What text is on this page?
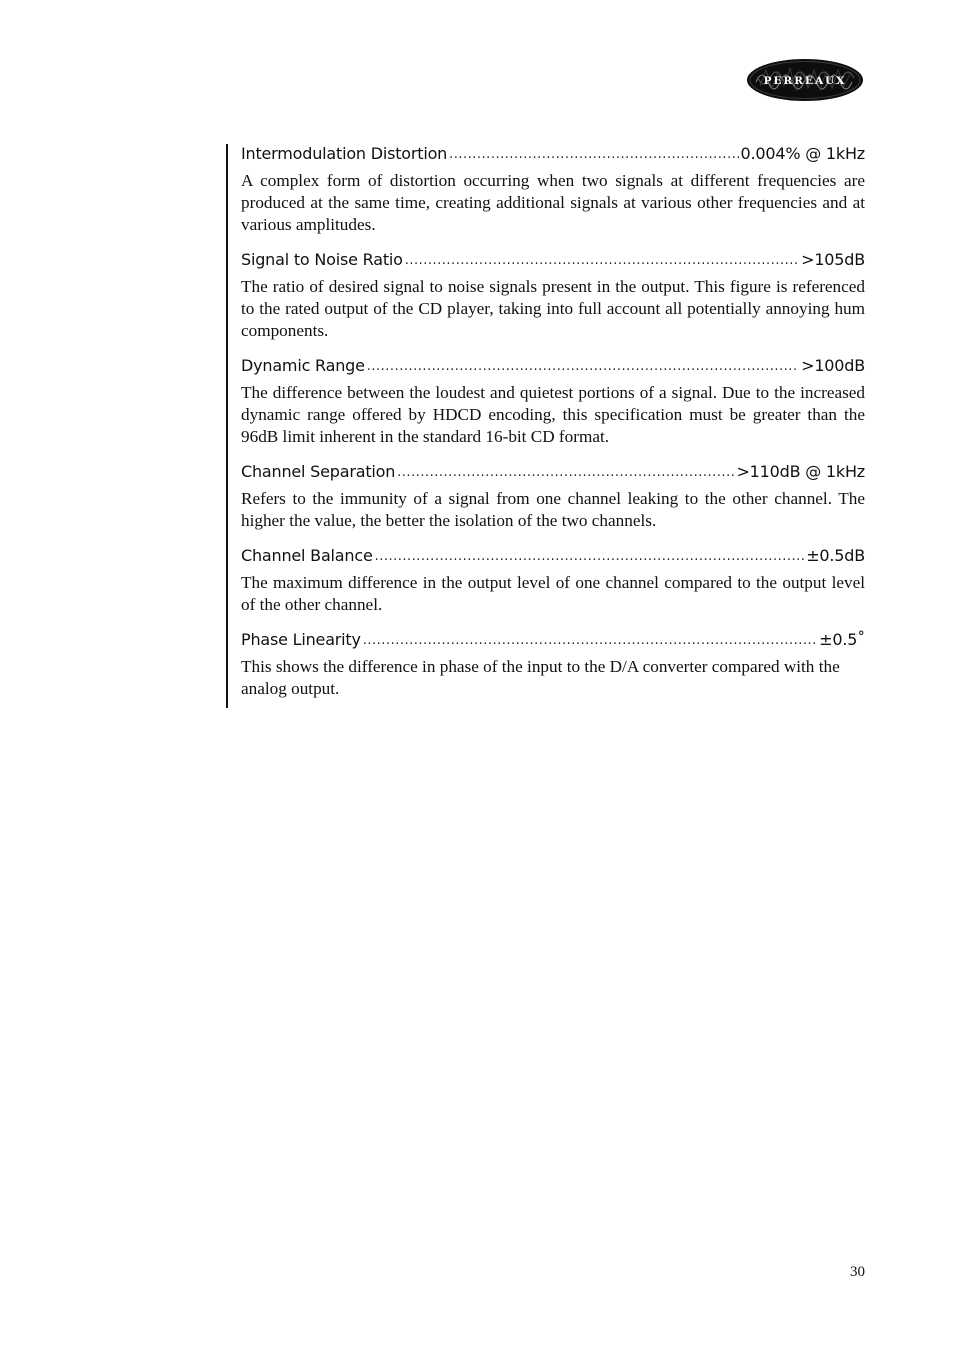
PERREAUX
Intermodulation Distortion .....	0.004% @ 1kHz
A complex form of distortion occurring when two signals at different frequencies are produced at the same time, creating additional signals at various other frequencies and at various amplitudes.
Signal to Noise Ratio .....	>105dB
The ratio of desired signal to noise signals present in the output. This figure is referenced to the rated output of the CD player, taking into full account all potentially annoying hum components.
Dynamic Range .....	>100dB
The difference between the loudest and quietest portions of a signal. Due to the increased dynamic range offered by HDCD encoding, this specification must be greater than the 96dB limit inherent in the standard 16-bit CD format.
Channel Separation .....	>110dB @ 1kHz
Refers to the immunity of a signal from one channel leaking to the other channel. The higher the value, the better the isolation of the two channels.
Channel Balance .....	±0.5dB
The maximum difference in the output level of one channel compared to the output level of the other channel.
Phase Linearity .....	±0.5˚
This shows the difference in phase of the input to the D/A converter compared with the analog output.
30
